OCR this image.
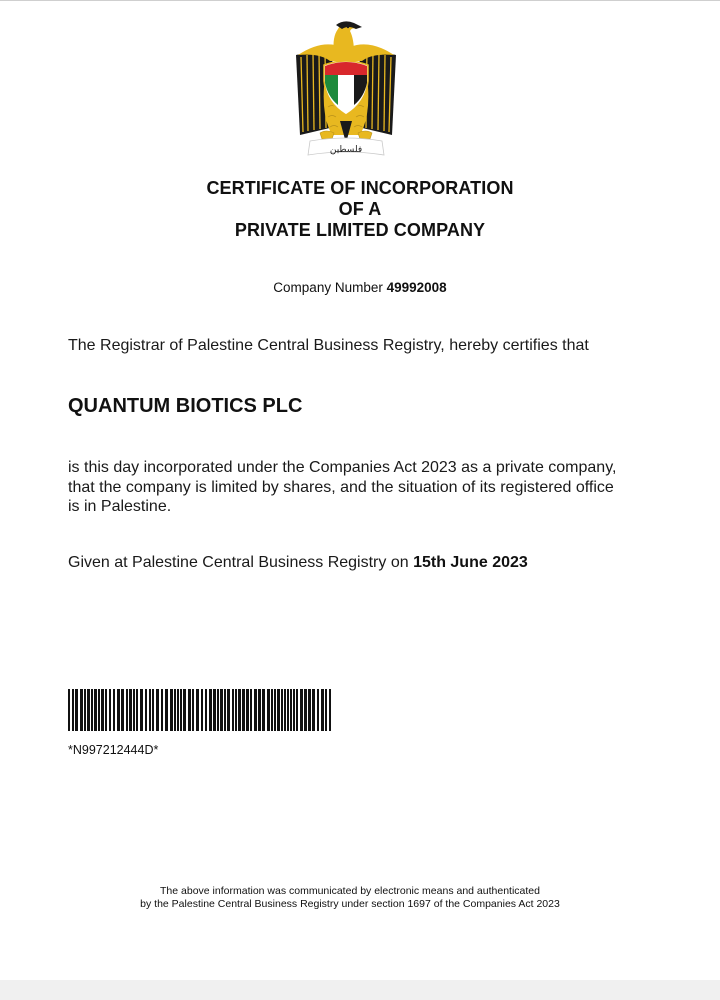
فلسطين
CERTIFICATE OF INCORPORATION
OF A
PRIVATE LIMITED COMPANY
Company Number 49992008
The Registrar of Palestine Central Business Registry, hereby certifies that
QUANTUM BIOTICS PLC
is this day incorporated under the Companies Act 2023 as a private company, that the company is limited by shares, and the situation of its registered office is in Palestine.
Given at Palestine Central Business Registry on 15th June 2023
*N997212444D*
The above information was communicated by electronic means and authenticated
by the Palestine Central Business Registry under section 1697 of the Companies Act 2023
